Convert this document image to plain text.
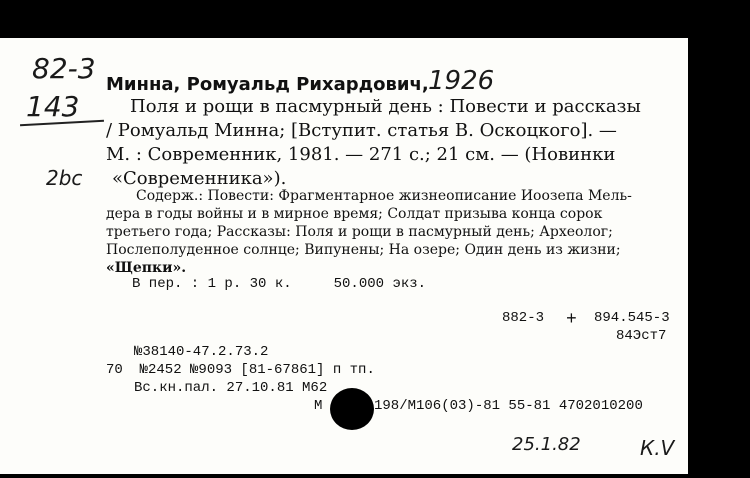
82-3
143
Минна, Ромуальд Рихардович, 1926
Поля и рощи в пасмурный день : Повести и рассказы
/ Ромуальд Минна; [Вступит. статья В. Оскоцкого]. —
М. : Современник, 1981. — 271 с.; 21 см. — (Новинки
2bc «Современника»).
Содерж.: Повести: Фрагментарное жизнеописание Иоозепа Мель-
дера в годы войны и в мирное время; Солдат призыва конца сорок
третьего года; Рассказы: Поля и рощи в пасмурный день; Археолог;
Послеполуденное солнце; Випунены; На озере; Один день из жизни;
«Щепки».
В пер. : 1 р. 30 к.     50.000 экз.
882-3 + 894.545-3
84Эст7
№38140-47.2.73.2
70  №2452 №9093 [81-67861] п тп.
Вс.кн.пал. 27.10.81 М62
М	198/М106(03)-81 55-81 4702010200
25.1.82	К.V
